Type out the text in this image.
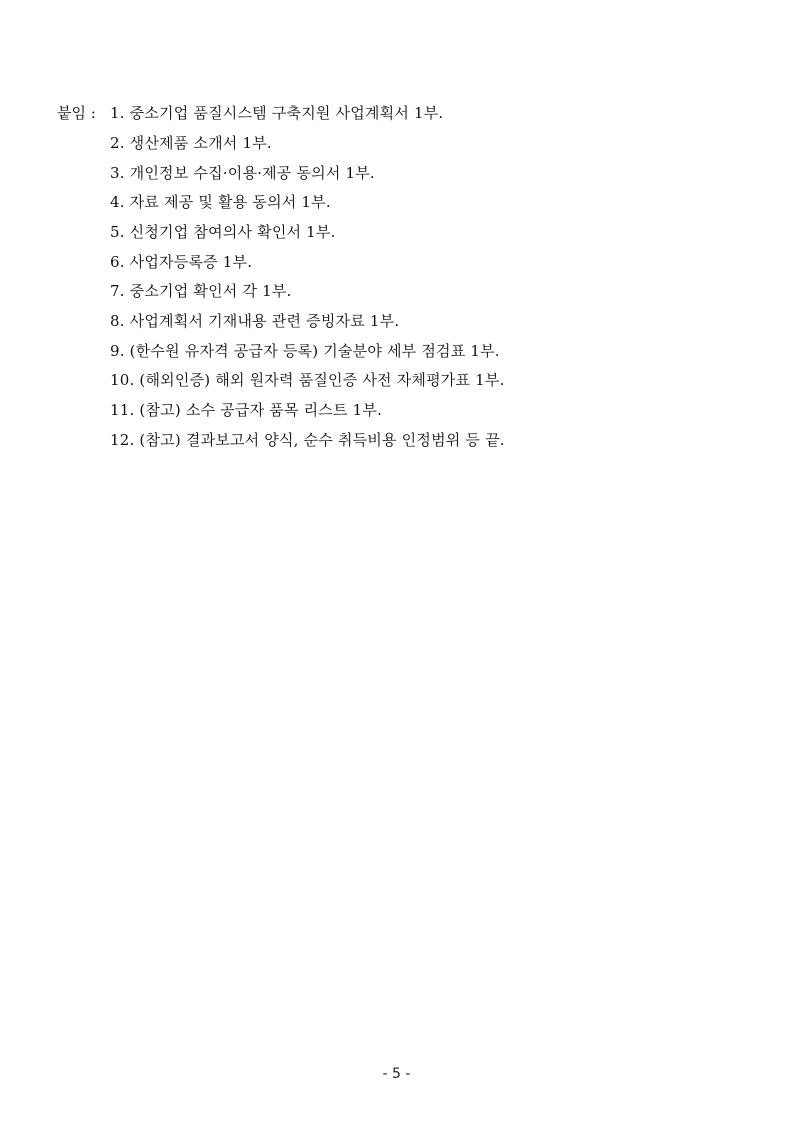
붙임 : 1. 중소기업 품질시스템 구축지원 사업계획서 1부.
2. 생산제품 소개서 1부.
3. 개인정보 수집·이용·제공 동의서 1부.
4. 자료 제공 및 활용 동의서 1부.
5. 신청기업 참여의사 확인서 1부.
6. 사업자등록증 1부.
7. 중소기업 확인서 각 1부.
8. 사업계획서 기재내용 관련 증빙자료 1부.
9. (한수원 유자격 공급자 등록) 기술분야 세부 점검표 1부.
10. (해외인증) 해외 원자력 품질인증 사전 자체평가표 1부.
11. (참고) 소수 공급자 품목 리스트 1부.
12. (참고) 결과보고서 양식, 순수 취득비용 인정범위 등 끝.
- 5 -
